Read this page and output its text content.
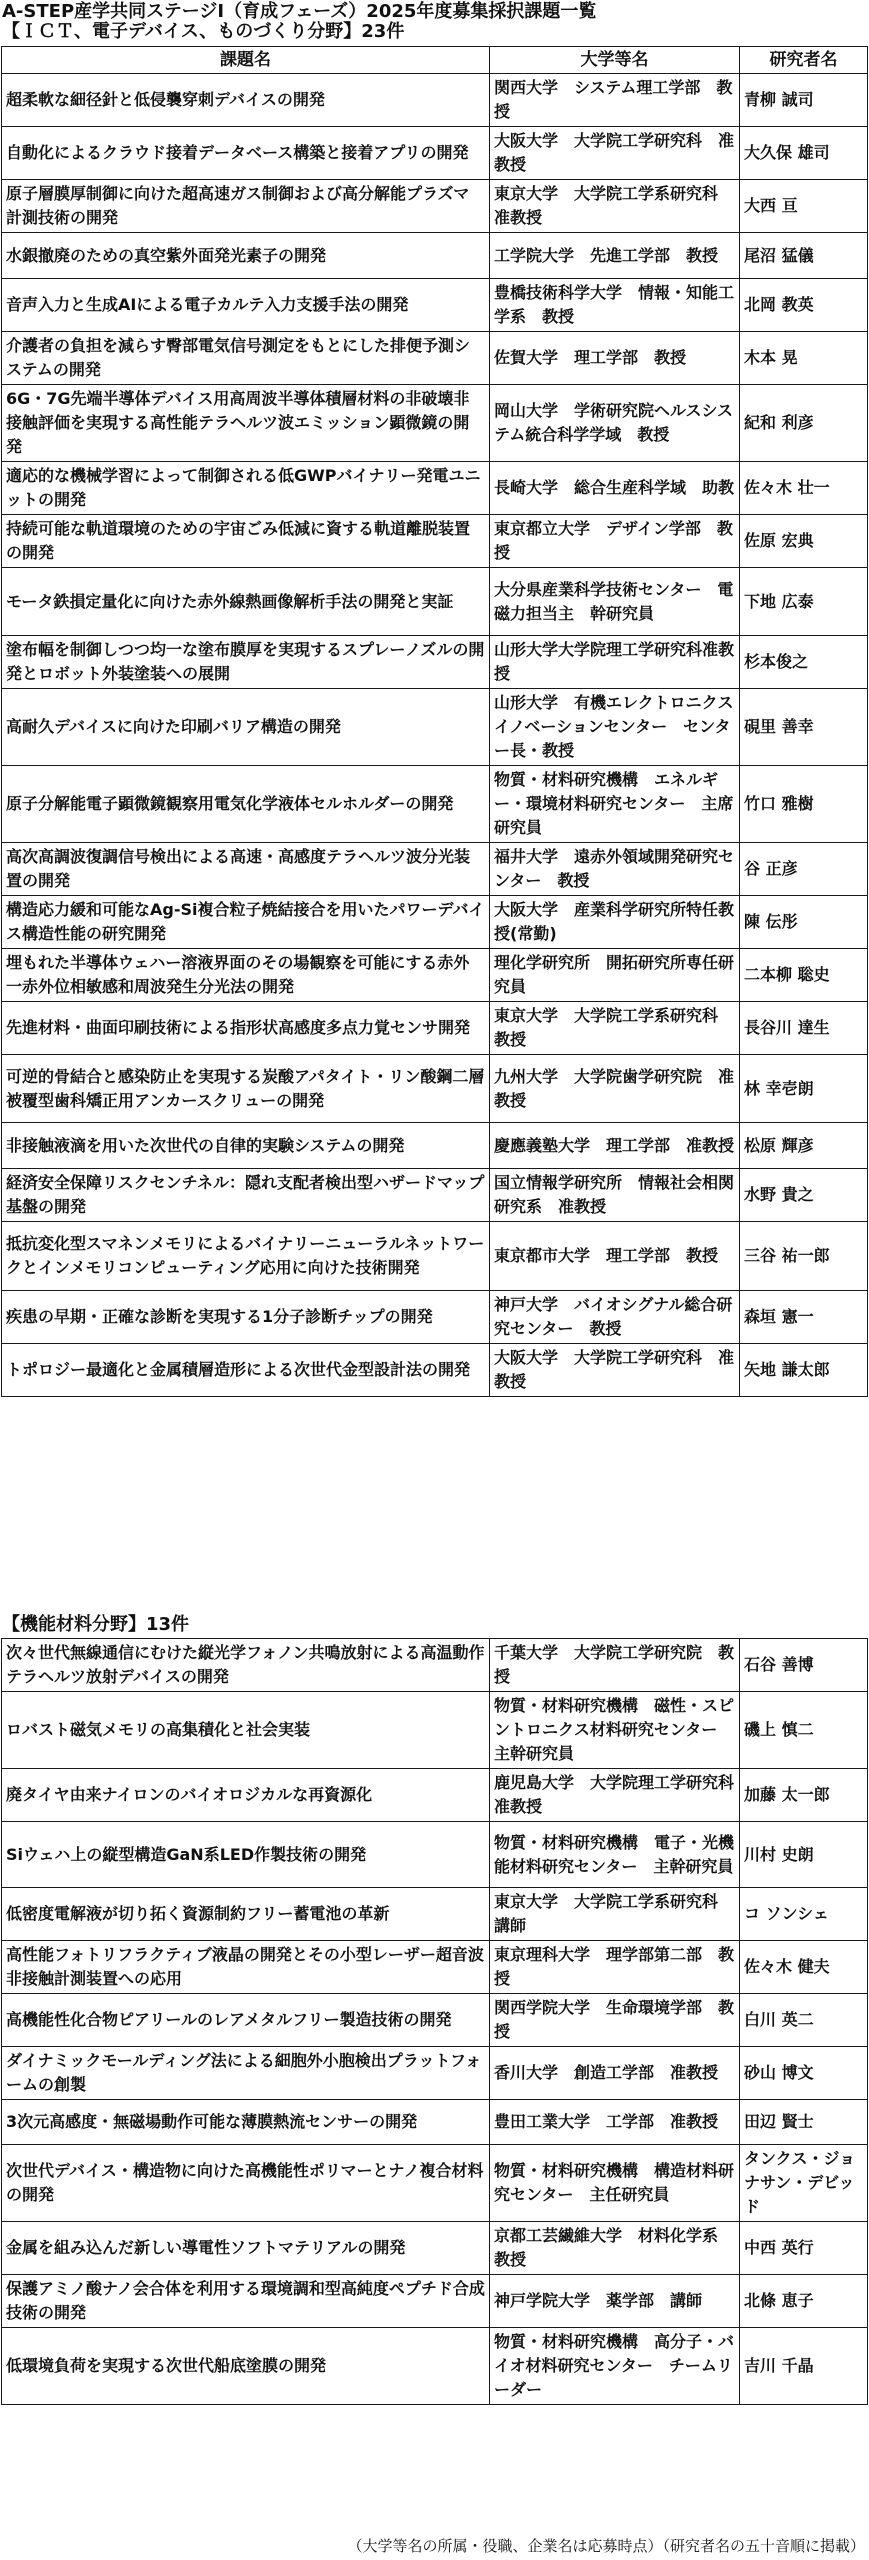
A-STEP産学共同ステージⅠ（育成フェーズ）2025年度募集採択課題一覧
【ＩＣＴ、電子デバイス、ものづくり分野】23件
課題名	大学等名	研究者名
超柔軟な細径針と低侵襲穿刺デバイスの開発	関西大学　システム理工学部　教授	青柳 誠司
自動化によるクラウド接着データベース構築と接着アプリの開発	大阪大学　大学院工学研究科　准教授	大久保 雄司
原子層膜厚制御に向けた超高速ガス制御および高分解能プラズマ計測技術の開発	東京大学　大学院工学系研究科　准教授	大西 亘
水銀撤廃のための真空紫外面発光素子の開発	工学院大学　先進工学部　教授	尾沼 猛儀
音声入力と生成AIによる電子カルテ入力支援手法の開発	豊橋技術科学大学　情報・知能工学系　教授	北岡 教英
介護者の負担を減らす臀部電気信号測定をもとにした排便予測システムの開発	佐賀大学　理工学部　教授	木本 晃
6G・7G先端半導体デバイス用高周波半導体積層材料の非破壊非接触評価を実現する高性能テラヘルツ波エミッション顕微鏡の開発	岡山大学　学術研究院ヘルスシステム統合科学学域　教授	紀和 利彦
適応的な機械学習によって制御される低GWPバイナリー発電ユニットの開発	長崎大学　総合生産科学域　助教	佐々木 壮一
持続可能な軌道環境のための宇宙ごみ低減に資する軌道離脱装置の開発	東京都立大学　デザイン学部　教授	佐原 宏典
モータ鉄損定量化に向けた赤外線熱画像解析手法の開発と実証	大分県産業科学技術センター　電磁力担当主　幹研究員	下地 広泰
塗布幅を制御しつつ均一な塗布膜厚を実現するスプレーノズルの開発とロボット外装塗装への展開	山形大学大学院理工学研究科准教授	杉本俊之
高耐久デバイスに向けた印刷バリア構造の開発	山形大学　有機エレクトロニクスイノベーションセンター　センター長・教授	硯里 善幸
原子分解能電子顕微鏡観察用電気化学液体セルホルダーの開発	物質・材料研究機構　エネルギー・環境材料研究センター　主席研究員	竹口 雅樹
高次高調波復調信号検出による高速・高感度テラヘルツ波分光装置の開発	福井大学　遠赤外領域開発研究センター　教授	谷 正彦
構造応力緩和可能なAg-Si複合粒子焼結接合を用いたパワーデバイス構造性能の研究開発	大阪大学　産業科学研究所特任教授(常勤)	陳 伝彤
埋もれた半導体ウェハー溶液界面のその場観察を可能にする赤外一赤外位相敏感和周波発生分光法の開発	理化学研究所　開拓研究所専任研究員	二本柳 聡史
先進材料・曲面印刷技術による指形状高感度多点力覚センサ開発	東京大学　大学院工学系研究科　教授	長谷川 達生
可逆的骨結合と感染防止を実現する炭酸アパタイト・リン酸鋼二層被覆型歯科矯正用アンカースクリューの開発	九州大学　大学院歯学研究院　准教授	林 幸壱朗
非接触液滴を用いた次世代の自律的実験システムの開発	慶應義塾大学　理工学部　准教授	松原 輝彦
経済安全保障リスクセンチネル：隠れ支配者検出型ハザードマップ基盤の開発	国立情報学研究所　情報社会相関研究系　准教授	水野 貴之
抵抗変化型スマネンメモリによるバイナリーニューラルネットワークとインメモリコンピューティング応用に向けた技術開発	東京都市大学　理工学部　教授	三谷 祐一郎
疾患の早期・正確な診断を実現する1分子診断チップの開発	神戸大学　バイオシグナル総合研究センター　教授	森垣 憲一
トポロジー最適化と金属積層造形による次世代金型設計法の開発	大阪大学　大学院工学研究科　准教授	矢地 謙太郎
【機能材料分野】13件
次々世代無線通信にむけた縦光学フォノン共鳴放射による高温動作テラヘルツ放射デバイスの開発	千葉大学　大学院工学研究院　教授	石谷 善博
ロバスト磁気メモリの高集積化と社会実装	物質・材料研究機構　磁性・スピントロニクス材料研究センター　主幹研究員	磯上 慎二
廃タイヤ由来ナイロンのバイオロジカルな再資源化	鹿児島大学　大学院理工学研究科　准教授	加藤 太一郎
Siウェハ上の縦型構造GaN系LED作製技術の開発	物質・材料研究機構　電子・光機能材料研究センター　主幹研究員	川村 史朗
低密度電解液が切り拓く資源制約フリー蓄電池の革新	東京大学　大学院工学系研究科　講師	コ ソンシェ
高性能フォトリフラクティブ液晶の開発とその小型レーザー超音波非接触計測装置への応用	東京理科大学　理学部第二部　教授	佐々木 健夫
高機能性化合物ピアリールのレアメタルフリー製造技術の開発	関西学院大学　生命環境学部　教授	白川 英二
ダイナミックモールディング法による細胞外小胞検出プラットフォームの創製	香川大学　創造工学部　准教授	砂山 博文
3次元高感度・無磁場動作可能な薄膜熱流センサーの開発	豊田工業大学　工学部　准教授	田辺 賢士
次世代デバイス・構造物に向けた高機能性ポリマーとナノ複合材料の開発	物質・材料研究機構　構造材料研究センター　主任研究員	タンクス・ジョナサン・デビッド
金属を組み込んだ新しい導電性ソフトマテリアルの開発	京都工芸繊維大学　材料化学系　教授	中西 英行
保護アミノ酸ナノ会合体を利用する環境調和型高純度ペプチド合成技術の開発	神戸学院大学　薬学部　講師	北條 恵子
低環境負荷を実現する次世代船底塗膜の開発	物質・材料研究機構　高分子・バイオ材料研究センター　チームリーダー	吉川 千晶
（大学等名の所属・役職、企業名は応募時点）（研究者名の五十音順に掲載）
